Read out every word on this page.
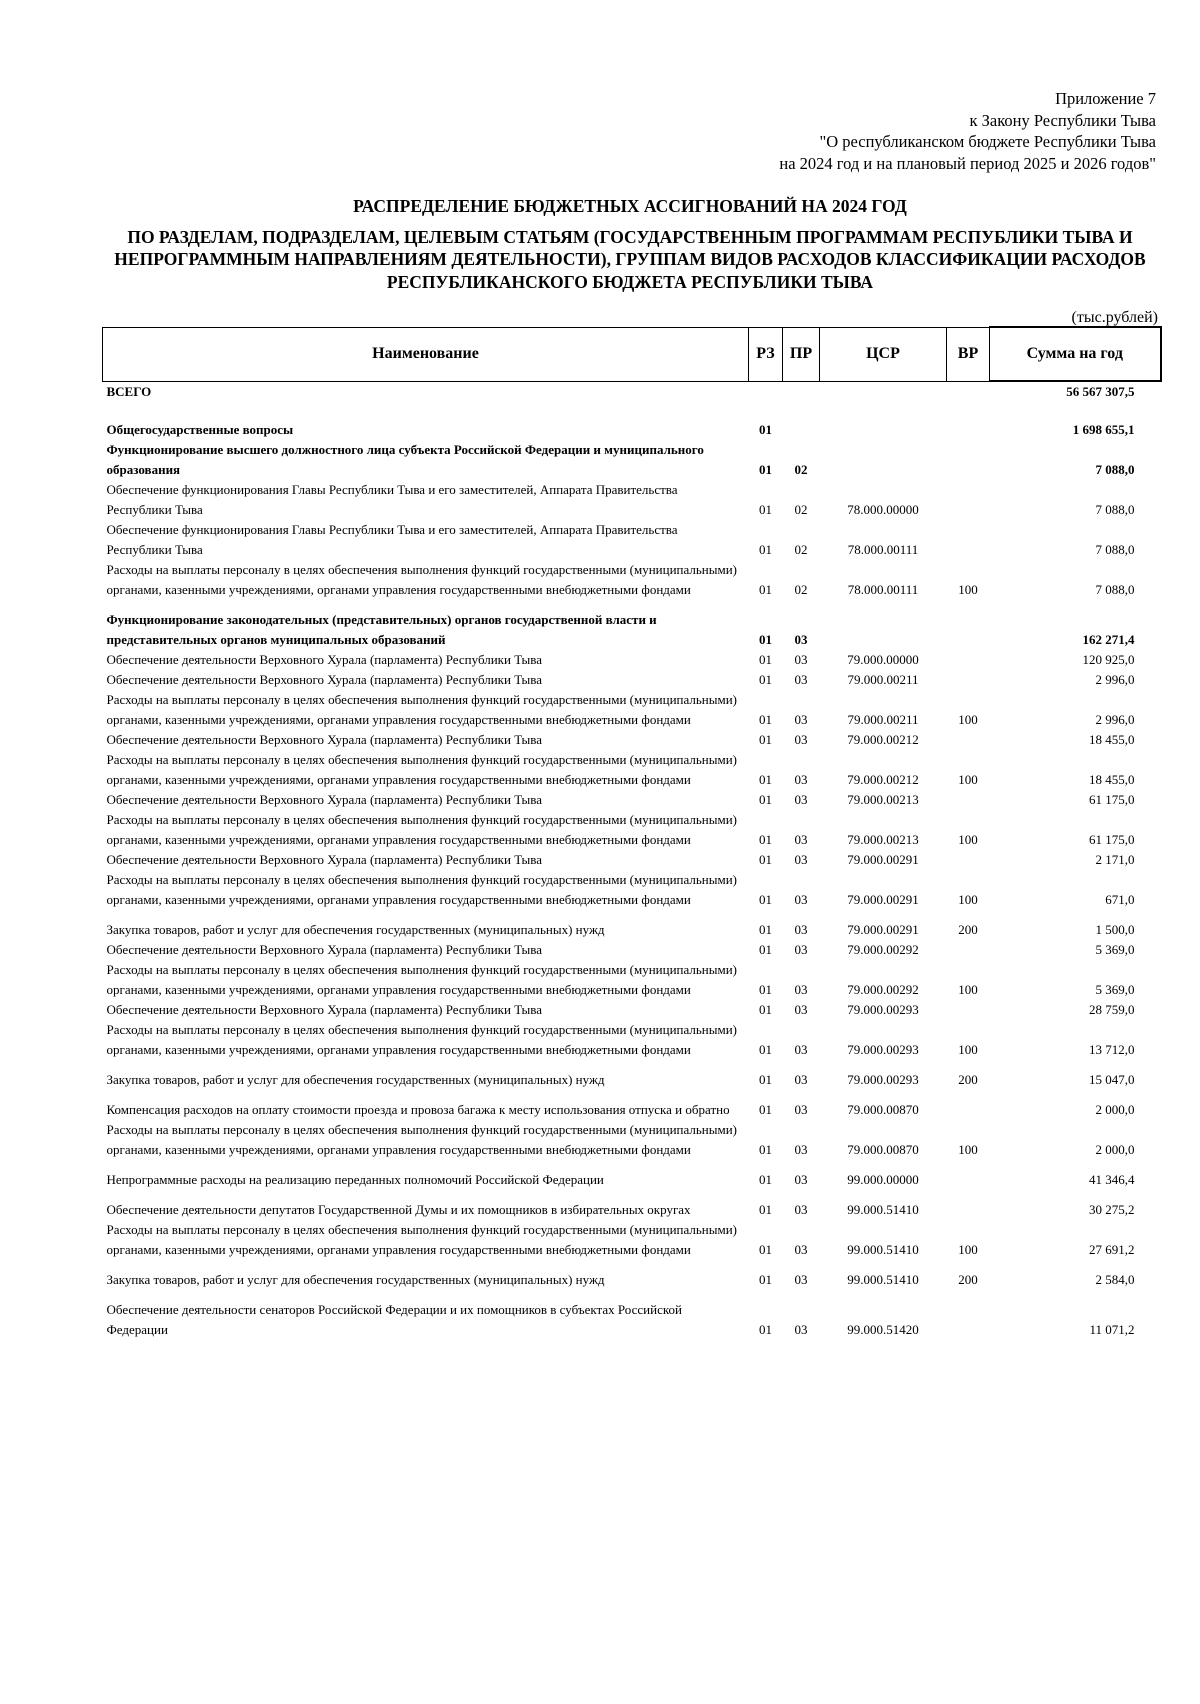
Приложение 7
к Закону Республики Тыва
"О республиканском бюджете Республики Тыва
на 2024 год и на плановый период 2025 и 2026 годов"
РАСПРЕДЕЛЕНИЕ БЮДЖЕТНЫХ АССИГНОВАНИЙ НА 2024 ГОД
ПО РАЗДЕЛАМ, ПОДРАЗДЕЛАМ, ЦЕЛЕВЫМ СТАТЬЯМ (ГОСУДАРСТВЕННЫМ ПРОГРАММАМ РЕСПУБЛИКИ ТЫВА И НЕПРОГРАММНЫМ НАПРАВЛЕНИЯМ ДЕЯТЕЛЬНОСТИ), ГРУППАМ ВИДОВ РАСХОДОВ КЛАССИФИКАЦИИ РАСХОДОВ РЕСПУБЛИКАНСКОГО БЮДЖЕТА РЕСПУБЛИКИ ТЫВА
(тыс.рублей)
Наименование	РЗ	ПР	ЦСР	ВР	Сумма на год
ВСЕГО					56 567 307,5
Общегосударственные вопросы	01				1 698 655,1
Функционирование высшего должностного лица субъекта Российской Федерации и муниципального образования	01	02			7 088,0
Обеспечение функционирования Главы Республики Тыва и его заместителей, Аппарата Правительства Республики Тыва	01	02	78.000.00000		7 088,0
Обеспечение функционирования Главы Республики Тыва и его заместителей, Аппарата Правительства Республики Тыва	01	02	78.000.00111		7 088,0
Расходы на выплаты персоналу в целях обеспечения выполнения функций государственными (муниципальными) органами, казенными учреждениями, органами управления государственными внебюджетными фондами	01	02	78.000.00111	100	7 088,0
Функционирование законодательных (представительных) органов государственной власти и представительных органов муниципальных образований	01	03			162 271,4
Обеспечение деятельности Верховного Хурала (парламента) Республики Тыва	01	03	79.000.00000		120 925,0
Обеспечение деятельности Верховного Хурала (парламента) Республики Тыва	01	03	79.000.00211		2 996,0
Расходы на выплаты персоналу в целях обеспечения выполнения функций государственными (муниципальными) органами, казенными учреждениями, органами управления государственными внебюджетными фондами	01	03	79.000.00211	100	2 996,0
Обеспечение деятельности Верховного Хурала (парламента) Республики Тыва	01	03	79.000.00212		18 455,0
Расходы на выплаты персоналу в целях обеспечения выполнения функций государственными (муниципальными) органами, казенными учреждениями, органами управления государственными внебюджетными фондами	01	03	79.000.00212	100	18 455,0
Обеспечение деятельности Верховного Хурала (парламента) Республики Тыва	01	03	79.000.00213		61 175,0
Расходы на выплаты персоналу в целях обеспечения выполнения функций государственными (муниципальными) органами, казенными учреждениями, органами управления государственными внебюджетными фондами	01	03	79.000.00213	100	61 175,0
Обеспечение деятельности Верховного Хурала (парламента) Республики Тыва	01	03	79.000.00291		2 171,0
Расходы на выплаты персоналу в целях обеспечения выполнения функций государственными (муниципальными) органами, казенными учреждениями, органами управления государственными внебюджетными фондами	01	03	79.000.00291	100	671,0
Закупка товаров, работ и услуг для обеспечения государственных (муниципальных) нужд	01	03	79.000.00291	200	1 500,0
Обеспечение деятельности Верховного Хурала (парламента) Республики Тыва	01	03	79.000.00292		5 369,0
Расходы на выплаты персоналу в целях обеспечения выполнения функций государственными (муниципальными) органами, казенными учреждениями, органами управления государственными внебюджетными фондами	01	03	79.000.00292	100	5 369,0
Обеспечение деятельности Верховного Хурала (парламента) Республики Тыва	01	03	79.000.00293		28 759,0
Расходы на выплаты персоналу в целях обеспечения выполнения функций государственными (муниципальными) органами, казенными учреждениями, органами управления государственными внебюджетными фондами	01	03	79.000.00293	100	13 712,0
Закупка товаров, работ и услуг для обеспечения государственных (муниципальных) нужд	01	03	79.000.00293	200	15 047,0
Компенсация расходов на оплату стоимости проезда и провоза багажа к месту использования отпуска и обратно	01	03	79.000.00870		2 000,0
Расходы на выплаты персоналу в целях обеспечения выполнения функций государственными (муниципальными) органами, казенными учреждениями, органами управления государственными внебюджетными фондами	01	03	79.000.00870	100	2 000,0
Непрограммные расходы на реализацию переданных полномочий Российской Федерации	01	03	99.000.00000		41 346,4
Обеспечение деятельности депутатов Государственной Думы и их помощников в избирательных округах	01	03	99.000.51410		30 275,2
Расходы на выплаты персоналу в целях обеспечения выполнения функций государственными (муниципальными) органами, казенными учреждениями, органами управления государственными внебюджетными фондами	01	03	99.000.51410	100	27 691,2
Закупка товаров, работ и услуг для обеспечения государственных (муниципальных) нужд	01	03	99.000.51410	200	2 584,0
Обеспечение деятельности сенаторов Российской Федерации и их помощников в субъектах Российской Федерации	01	03	99.000.51420		11 071,2
